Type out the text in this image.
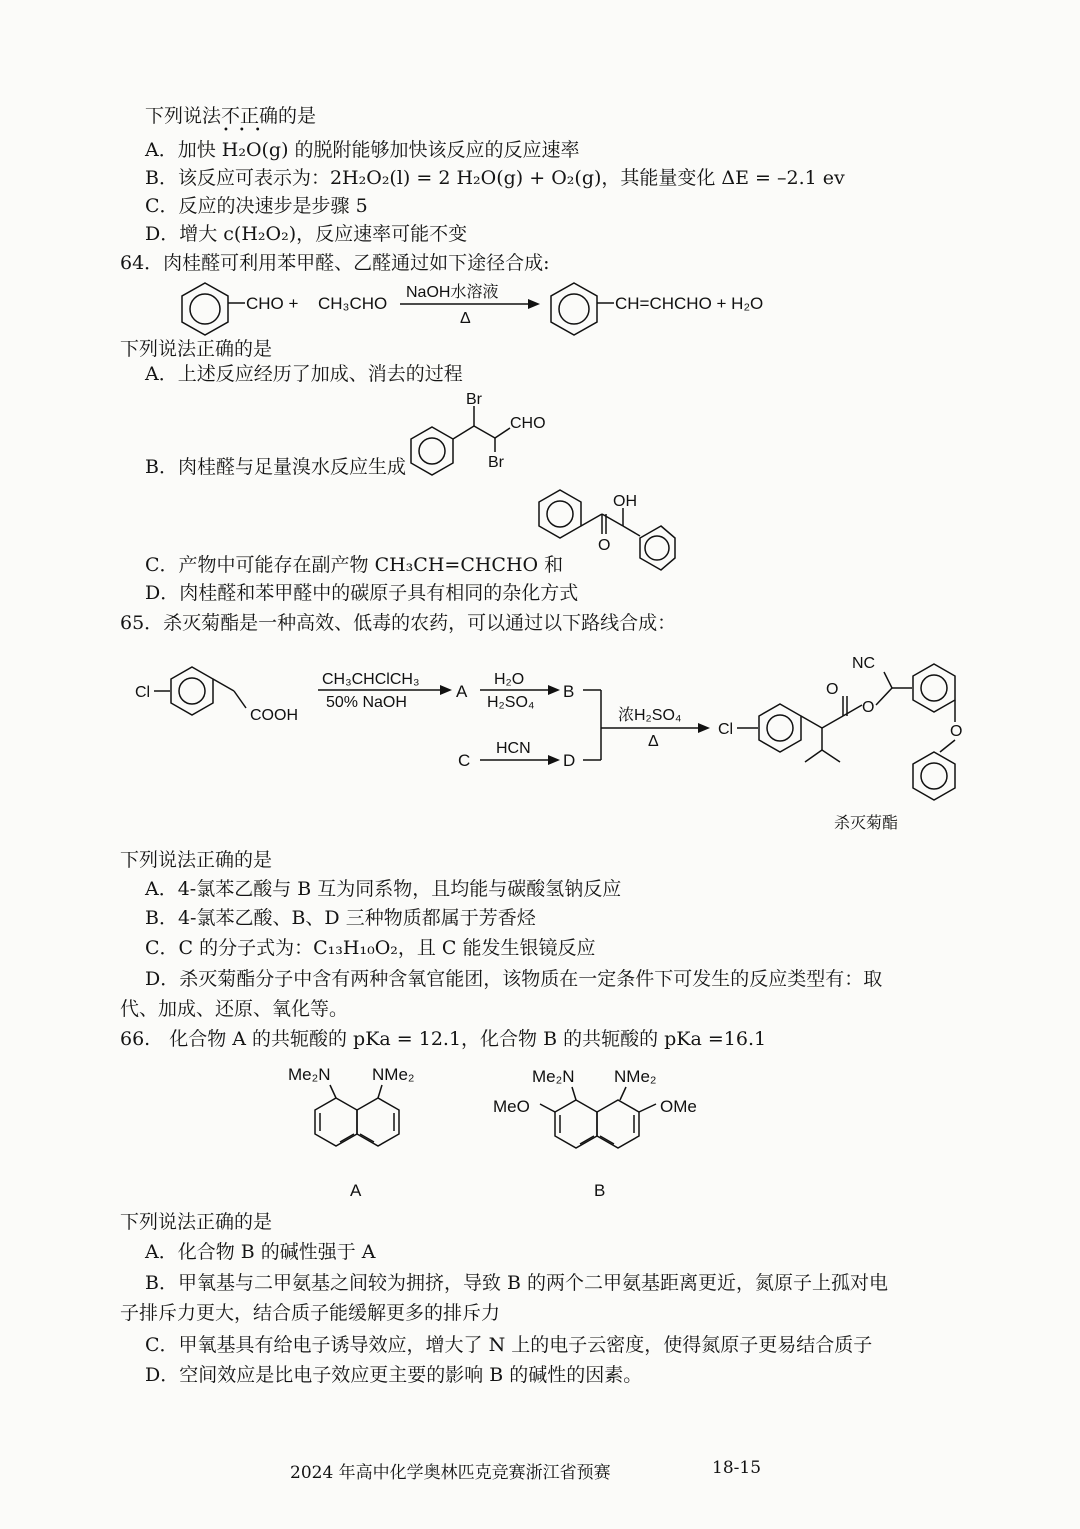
下列说法不正确的是
• • •
A．加快 H₂O(g) 的脱附能够加快该反应的反应速率
B．该反应可表示为：2H₂O₂(l) = 2 H₂O(g) + O₂(g)，其能量变化 ΔE = –2.1 ev
C．反应的决速步是步骤 5
D．增大 c(H₂O₂)，反应速率可能不变
64．肉桂醛可利用苯甲醛、乙醛通过如下途径合成:
CHO + CH₃CHO
NaOH水溶液
Δ
CH=CHCHO + H₂O
Br
Br
CHO
OH
O
下列说法正确的是
A．上述反应经历了加成、消去的过程
B．肉桂醛与足量溴水反应生成
C．产物中可能存在副产物 CH₃CH=CHCHO 和
D．肉桂醛和苯甲醛中的碳原子具有相同的杂化方式
65．杀灭菊酯是一种高效、低毒的农药，可以通过以下路线合成：
Cl
COOH
CH₃CHClCH₃
50% NaOH
A
H₂O
H₂SO₄
B
C
HCN
D
浓H₂SO₄
Δ
Cl
O
O
NC
O
杀灭菊酯
下列说法正确的是
A．4-氯苯乙酸与 B 互为同系物，且均能与碳酸氢钠反应
B．4-氯苯乙酸、B、D 三种物质都属于芳香烃
C．C 的分子式为：C₁₃H₁₀O₂，且 C 能发生银镜反应
D．杀灭菊酯分子中含有两种含氧官能团，该物质在一定条件下可发生的反应类型有：取
代、加成、还原、氧化等。
66.　化合物 A 的共轭酸的 pKa = 12.1，化合物 B 的共轭酸的 pKa =16.1
Me₂N NMe₂
A
Me₂N NMe₂
MeO	OMe
B
下列说法正确的是
A．化合物 B 的碱性强于 A
B．甲氧基与二甲氨基之间较为拥挤，导致 B 的两个二甲氨基距离更近，氮原子上孤对电
子排斥力更大，结合质子能缓解更多的排斥力
C．甲氧基具有给电子诱导效应，增大了 N 上的电子云密度，使得氮原子更易结合质子
D．空间效应是比电子效应更主要的影响 B 的碱性的因素。
2024 年高中化学奥林匹克竞赛浙江省预赛	18-15
